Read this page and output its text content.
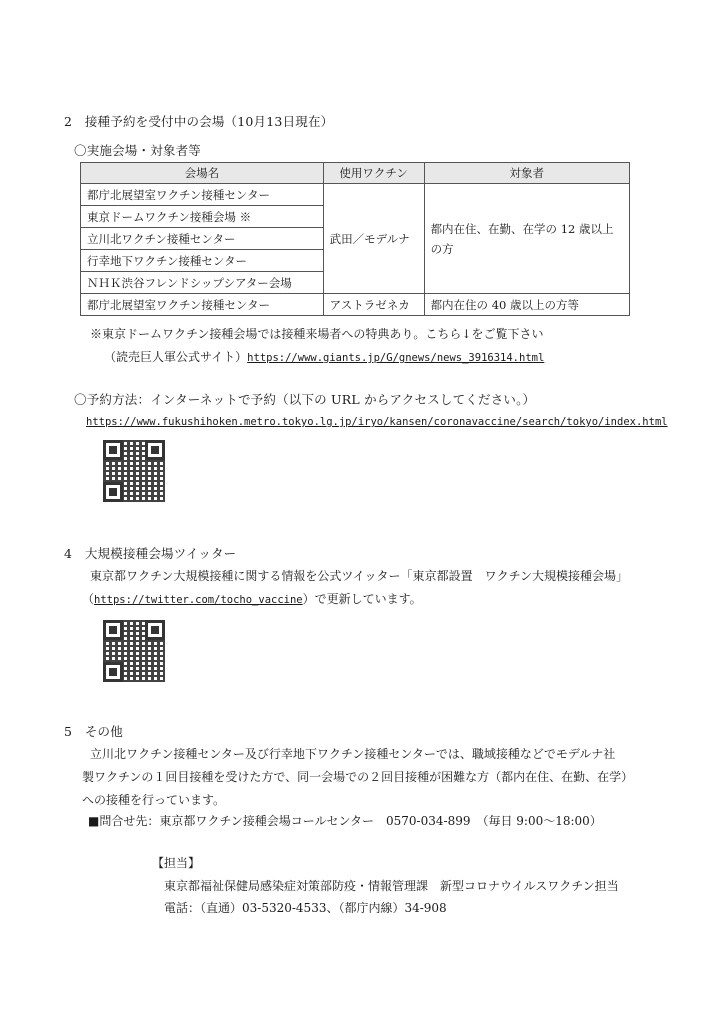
2　接種予約を受付中の会場（10月13日現在）
〇実施会場・対象者等
会場名	使用ワクチン	対象者
都庁北展望室ワクチン接種センター	武田／モデルナ	都内在住、在勤、在学の 12 歳以上の方
東京ドームワクチン接種会場 ※		
立川北ワクチン接種センター		
行幸地下ワクチン接種センター		
ＮＨＫ渋谷フレンドシップシアター会場		
都庁北展望室ワクチン接種センター	アストラゼネカ	都内在住の 40 歳以上の方等
※東京ドームワクチン接種会場では接種来場者への特典あり。こちら↓をご覧下さい
（読売巨人軍公式サイト）https://www.giants.jp/G/gnews/news_3916314.html
〇予約方法：インターネットで予約（以下の URL からアクセスしてください。）
https://www.fukushihoken.metro.tokyo.lg.jp/iryo/kansen/coronavaccine/search/tokyo/index.html
4　大規模接種会場ツイッター
東京都ワクチン大規模接種に関する情報を公式ツイッター「東京都設置　ワクチン大規模接種会場」
（https://twitter.com/tocho_vaccine）で更新しています。
5　その他
立川北ワクチン接種センター及び行幸地下ワクチン接種センターでは、職域接種などでモデルナ社
製ワクチンの１回目接種を受けた方で、同一会場での２回目接種が困難な方（都内在住、在勤、在学）
への接種を行っています。
■問合せ先：東京都ワクチン接種会場コールセンター　0570-034-899　（毎日 9:00～18:00）
【担当】
東京都福祉保健局感染症対策部防疫・情報管理課　新型コロナウイルスワクチン担当
電話：（直通）03-5320-4533、（都庁内線）34-908
